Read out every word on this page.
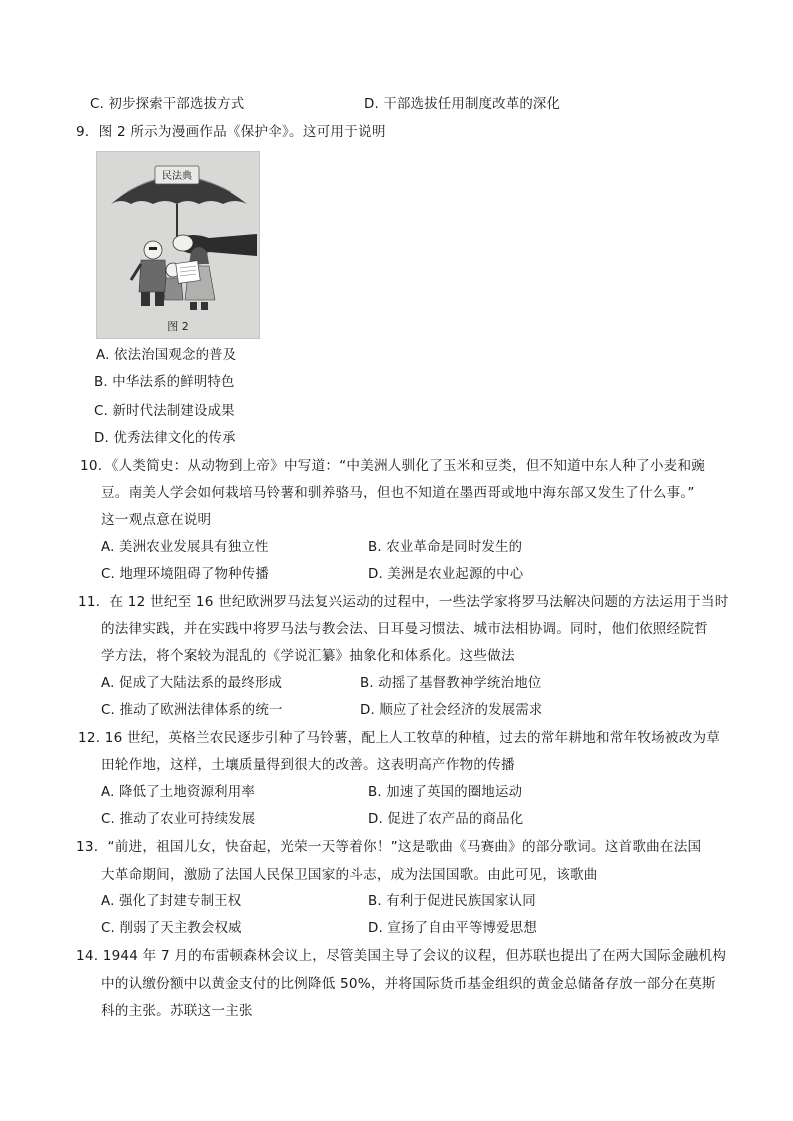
C. 初步探索干部选拔方式	D. 干部选拔任用制度改革的深化
9．图 2 所示为漫画作品《保护伞》。这可用于说明
民法典
图 2
A. 依法治国观念的普及
B. 中华法系的鲜明特色
C. 新时代法制建设成果
D. 优秀法律文化的传承
10．《人类简史：从动物到上帝》中写道：“中美洲人驯化了玉米和豆类，但不知道中东人种了小麦和豌
豆。南美人学会如何栽培马铃薯和驯养骆马，但也不知道在墨西哥或地中海东部又发生了什么事。”
这一观点意在说明
A. 美洲农业发展具有独立性	B. 农业革命是同时发生的
C. 地理环境阻碍了物种传播	D. 美洲是农业起源的中心
11．在 12 世纪至 16 世纪欧洲罗马法复兴运动的过程中，一些法学家将罗马法解决问题的方法运用于当时
的法律实践，并在实践中将罗马法与教会法、日耳曼习惯法、城市法相协调。同时，他们依照经院哲
学方法，将个案较为混乱的《学说汇纂》抽象化和体系化。这些做法
A. 促成了大陆法系的最终形成	B. 动摇了基督教神学统治地位
C. 推动了欧洲法律体系的统一	D. 顺应了社会经济的发展需求
12. 16 世纪，英格兰农民逐步引种了马铃薯，配上人工牧草的种植，过去的常年耕地和常年牧场被改为草
田轮作地，这样，土壤质量得到很大的改善。这表明高产作物的传播
A. 降低了土地资源利用率	B. 加速了英国的圈地运动
C. 推动了农业可持续发展	D. 促进了农产品的商品化
13．“前进，祖国儿女，快奋起，光荣一天等着你！”这是歌曲《马赛曲》的部分歌词。这首歌曲在法国
大革命期间，激励了法国人民保卫国家的斗志，成为法国国歌。由此可见，该歌曲
A. 强化了封建专制王权	B. 有利于促进民族国家认同
C. 削弱了天主教会权威	D. 宣扬了自由平等博爱思想
14. 1944 年 7 月的布雷顿森林会议上，尽管美国主导了会议的议程，但苏联也提出了在两大国际金融机构
中的认缴份额中以黄金支付的比例降低 50%，并将国际货币基金组织的黄金总储备存放一部分在莫斯
科的主张。苏联这一主张
